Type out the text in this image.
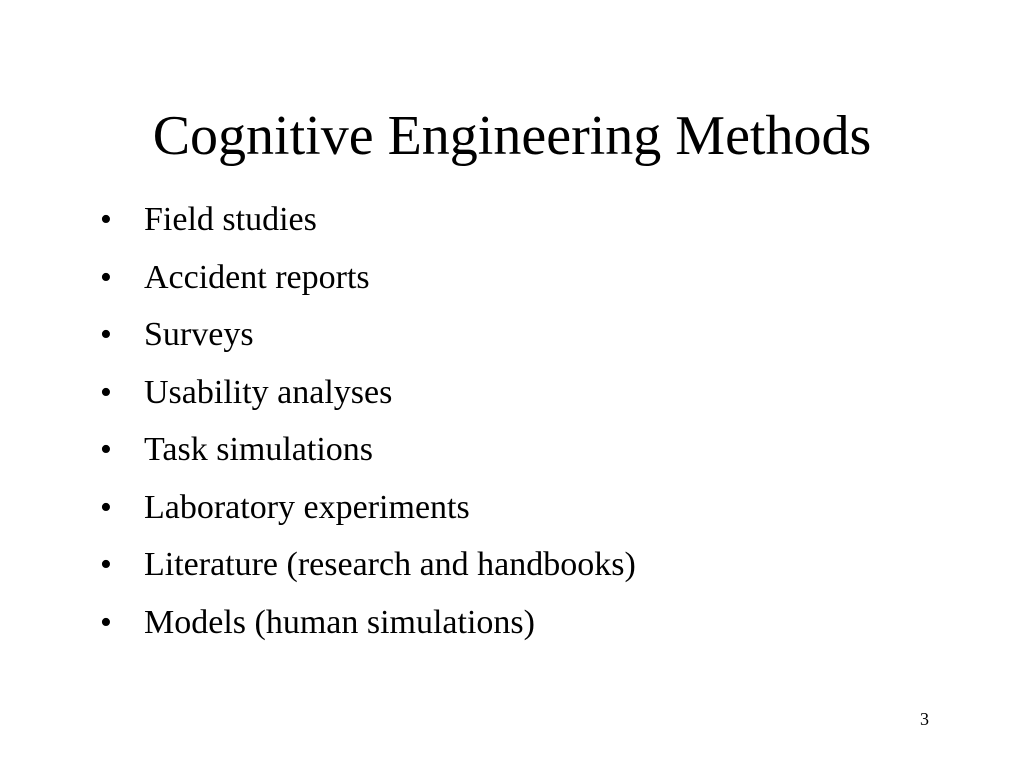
Cognitive Engineering Methods
• Field studies
• Accident reports
• Surveys
• Usability analyses
• Task simulations
• Laboratory experiments
• Literature (research and handbooks)
• Models (human simulations)
3
